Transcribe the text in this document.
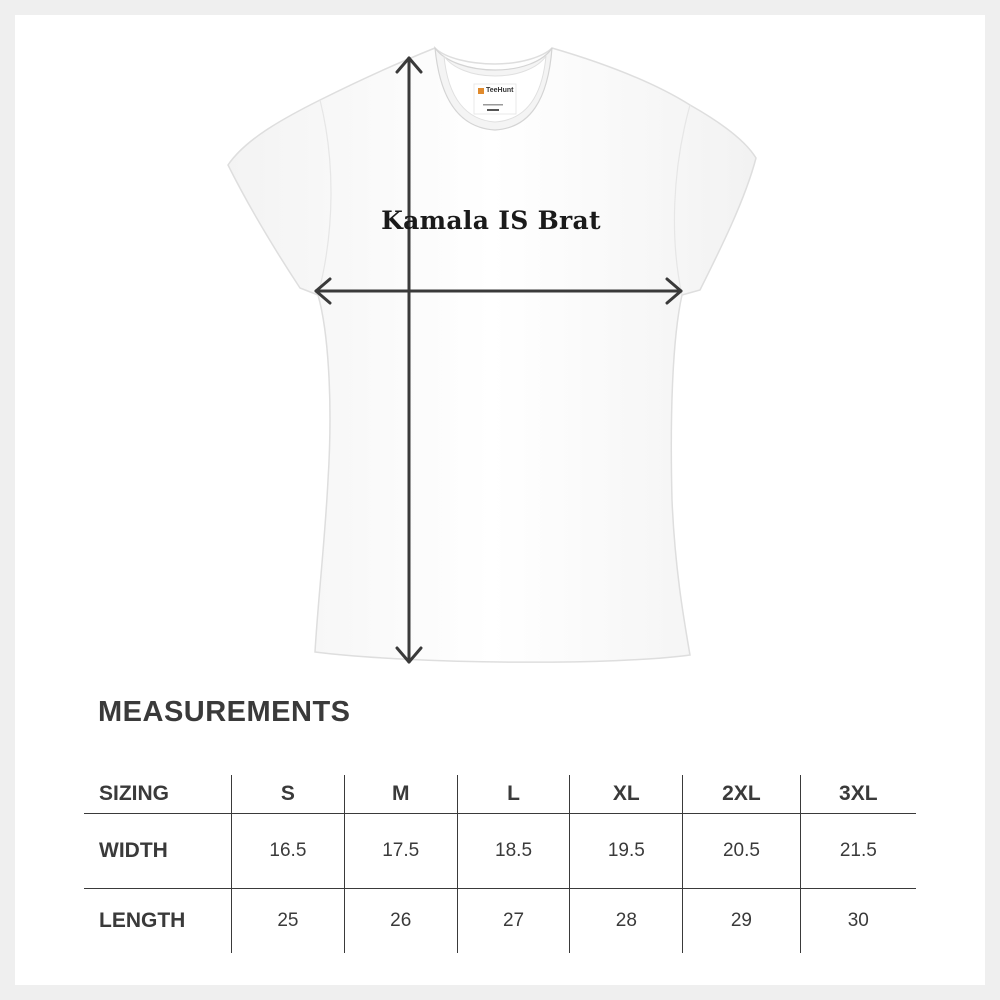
TeeHunt
Kamala IS Brat
MEASUREMENTS
SIZING	S	M	L	XL	2XL	3XL
WIDTH	16.5	17.5	18.5	19.5	20.5	21.5
LENGTH	25	26	27	28	29	30
